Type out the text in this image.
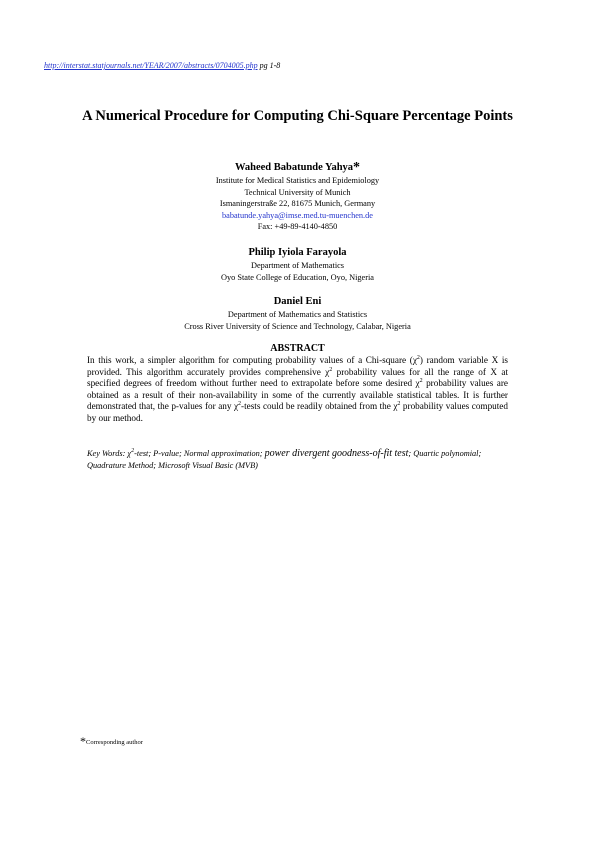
http://interstat.statjournals.net/YEAR/2007/abstracts/0704005.php pg 1-8
A Numerical Procedure for Computing Chi-Square Percentage Points
Waheed Babatunde Yahya*
Institute for Medical Statistics and Epidemiology
Technical University of Munich
Ismaningerstraße 22, 81675 Munich, Germany
babatunde.yahya@imse.med.tu-muenchen.de
Fax: +49-89-4140-4850
Philip Iyiola Farayola
Department of Mathematics
Oyo State College of Education, Oyo, Nigeria
Daniel Eni
Department of Mathematics and Statistics
Cross River University of Science and Technology, Calabar, Nigeria
ABSTRACT
In this work, a simpler algorithm for computing probability values of a Chi-square $(\chi^2)$ random variable X is provided. This algorithm accurately provides comprehensive $\chi^2$ probability values for all the range of X at specified degrees of freedom without further need to extrapolate before some desired $\chi^2$ probability values are obtained as a result of their non-availability in some of the currently available statistical tables. It is further demonstrated that, the p-values for any $\chi^2$-tests could be readily obtained from the $\chi^2$ probability values computed by our method.
Key Words: $\chi^2$-test; P-value; Normal approximation; power divergent goodness-of-fit test; Quartic polynomial; Quadrature Method; Microsoft Visual Basic (MVB)
*Corresponding author
